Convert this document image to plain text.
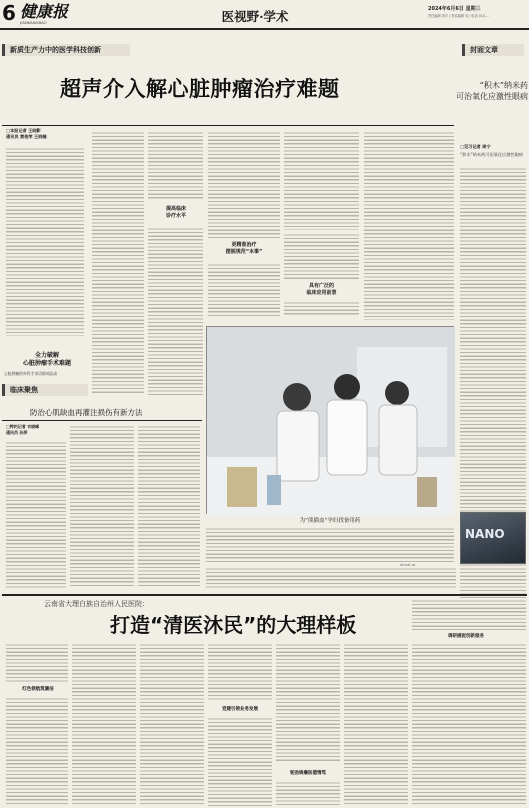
6 健康报
JIANKANGBAO	医视野·学术	2024年6月6日 星期三
责任编辑 刘平 / 美术编辑 吴 / 电话 010-...
新质生产力中的医学科技创新	封面文章
超声介入解心脏肿瘤治疗难题	“积木”纳米药
可治氧化应激性眼病
□本报记者 王晓影
通讯员 黄俊荣 王晓楠
全力破解
心脏肿瘤手术难题
心脏肿瘤的外科手术切除风险高
临床聚焦
提高临床
诊疗水平
更精准治疗
摆脱规范“本事”
具有广泛的
临床应用前景
□见习记者 周宁
“积木”纳米药可治氧化应激性眼病
防治心肌缺血再灌注损伤有新方法
□特约记者 衣晓峰
通讯员 孙萍
为“熊猫血”孕妇找备用药
NANO
云南省大理白族自治州人民医院：
打造“清医沐民”的大理样板	调研捕捉创新服务
红色领航筑廉洁
党建引领业务发展
韧劲铸廉医德情笃
